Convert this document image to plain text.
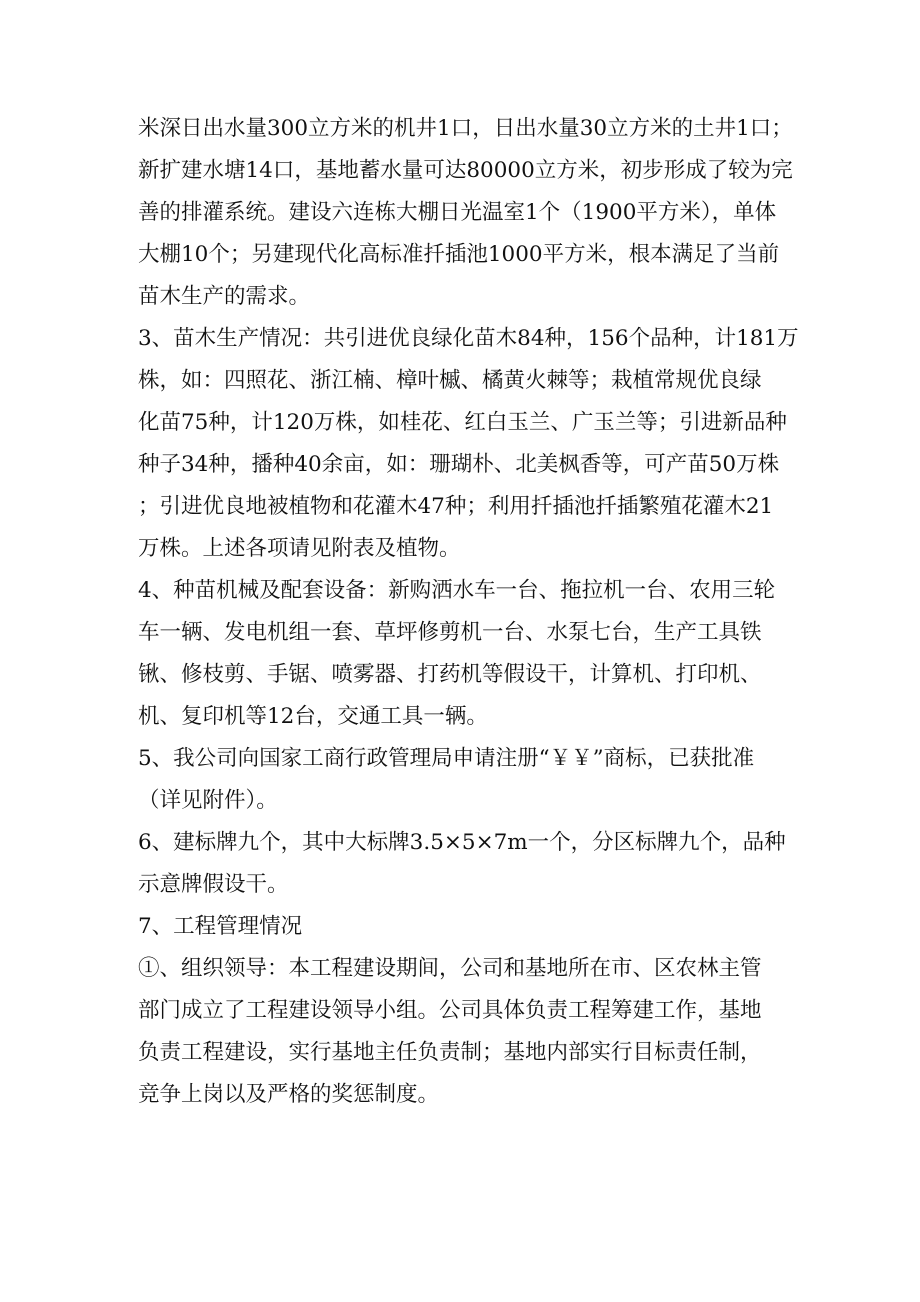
米深日出水量300立方米的机井1口，日出水量30立方米的土井1口；
新扩建水塘14口，基地蓄水量可达80000立方米，初步形成了较为完
善的排灌系统。建设六连栋大棚日光温室1个（1900平方米），单体
大棚10个；另建现代化高标准扦插池1000平方米，根本满足了当前
苗木生产的需求。
3、苗木生产情况：共引进优良绿化苗木84种，156个品种，计181万
株，如：四照花、浙江楠、樟叶槭、橘黄火棘等；栽植常规优良绿
化苗75种，计120万株，如桂花、红白玉兰、广玉兰等；引进新品种
种子34种，播种40余亩，如：珊瑚朴、北美枫香等，可产苗50万株
；引进优良地被植物和花灌木47种；利用扦插池扦插繁殖花灌木21
万株。上述各项请见附表及植物。
4、种苗机械及配套设备：新购洒水车一台、拖拉机一台、农用三轮
车一辆、发电机组一套、草坪修剪机一台、水泵七台，生产工具铁
锹、修枝剪、手锯、喷雾器、打药机等假设干，计算机、打印机、
机、复印机等12台，交通工具一辆。
5、我公司向国家工商行政管理局申请注册“￥￥”商标，已获批准
（详见附件）。
6、建标牌九个，其中大标牌3.5×5×7m一个，分区标牌九个，品种
示意牌假设干。
7、工程管理情况
①、组织领导：本工程建设期间，公司和基地所在市、区农林主管
部门成立了工程建设领导小组。公司具体负责工程筹建工作，基地
负责工程建设，实行基地主任负责制；基地内部实行目标责任制，
竞争上岗以及严格的奖惩制度。
